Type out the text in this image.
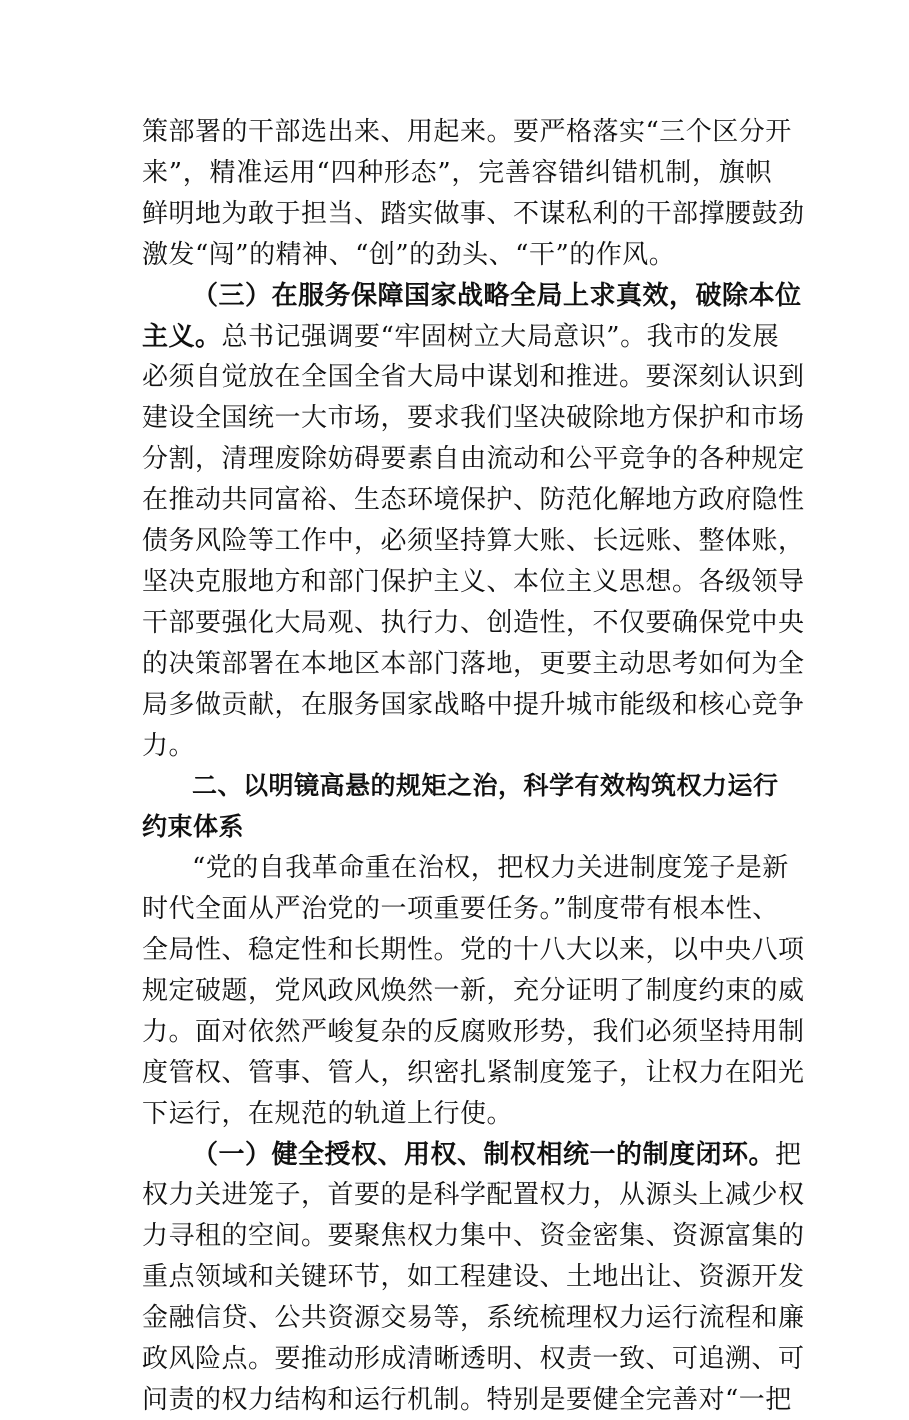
策部署的干部选出来、用起来。要严格落实“三个区分开
来”，精准运用“四种形态”，完善容错纠错机制，旗帜
鲜明地为敢于担当、踏实做事、不谋私利的干部撑腰鼓劲
激发“闯”的精神、“创”的劲头、“干”的作风。
（三）在服务保障国家战略全局上求真效，破除本位
主义。总书记强调要“牢固树立大局意识”。我市的发展
必须自觉放在全国全省大局中谋划和推进。要深刻认识到
建设全国统一大市场，要求我们坚决破除地方保护和市场
分割，清理废除妨碍要素自由流动和公平竞争的各种规定
在推动共同富裕、生态环境保护、防范化解地方政府隐性
债务风险等工作中，必须坚持算大账、长远账、整体账，
坚决克服地方和部门保护主义、本位主义思想。各级领导
干部要强化大局观、执行力、创造性，不仅要确保党中央
的决策部署在本地区本部门落地，更要主动思考如何为全
局多做贡献，在服务国家战略中提升城市能级和核心竞争
力。
二、以明镜高悬的规矩之治，科学有效构筑权力运行
约束体系
“党的自我革命重在治权，把权力关进制度笼子是新
时代全面从严治党的一项重要任务。”制度带有根本性、
全局性、稳定性和长期性。党的十八大以来，以中央八项
规定破题，党风政风焕然一新，充分证明了制度约束的威
力。面对依然严峻复杂的反腐败形势，我们必须坚持用制
度管权、管事、管人，织密扎紧制度笼子，让权力在阳光
下运行，在规范的轨道上行使。
（一）健全授权、用权、制权相统一的制度闭环。把
权力关进笼子，首要的是科学配置权力，从源头上减少权
力寻租的空间。要聚焦权力集中、资金密集、资源富集的
重点领域和关键环节，如工程建设、土地出让、资源开发
金融信贷、公共资源交易等，系统梳理权力运行流程和廉
政风险点。要推动形成清晰透明、权责一致、可追溯、可
问责的权力结构和运行机制。特别是要健全完善对“一把
